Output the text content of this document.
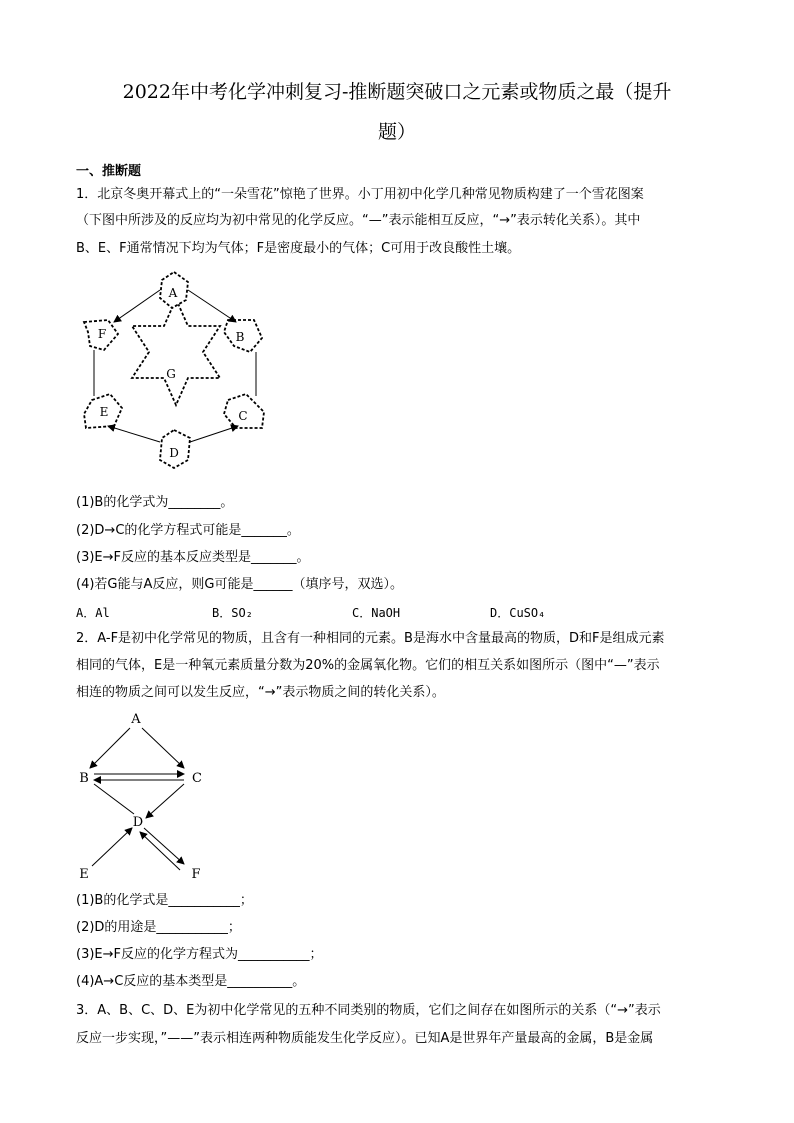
2022年中考化学冲刺复习-推断题突破口之元素或物质之最（提升
题）
一、推断题
1．北京冬奥开幕式上的“一朵雪花”惊艳了世界。小丁用初中化学几种常见物质构建了一个雪花图案
（下图中所涉及的反应均为初中常见的化学反应。“—”表示能相互反应，“→”表示转化关系）。其中
B、E、F通常情况下均为气体；F是密度最小的气体；C可用于改良酸性土壤。
A
F	B
G
E	C
D
(1)B的化学式为________。
(2)D→C的化学方程式可能是_______。
(3)E→F反应的基本反应类型是_______。
(4)若G能与A反应，则G可能是______（填序号，双选）。
A．Al	B．SO₂	C．NaOH	D．CuSO₄
2．A-F是初中化学常见的物质，且含有一种相同的元素。B是海水中含量最高的物质，D和F是组成元素
相同的气体，E是一种氧元素质量分数为20%的金属氧化物。它们的相互关系如图所示（图中“—”表示
相连的物质之间可以发生反应，“→”表示物质之间的转化关系）。
A
B	C
D
E	F
(1)B的化学式是___________；
(2)D的用途是___________；
(3)E→F反应的化学方程式为___________；
(4)A→C反应的基本类型是__________。
3．A、B、C、D、E为初中化学常见的五种不同类别的物质，它们之间存在如图所示的关系（“→”表示
反应一步实现，”——”表示相连两种物质能发生化学反应）。已知A是世界年产量最高的金属，B是金属
